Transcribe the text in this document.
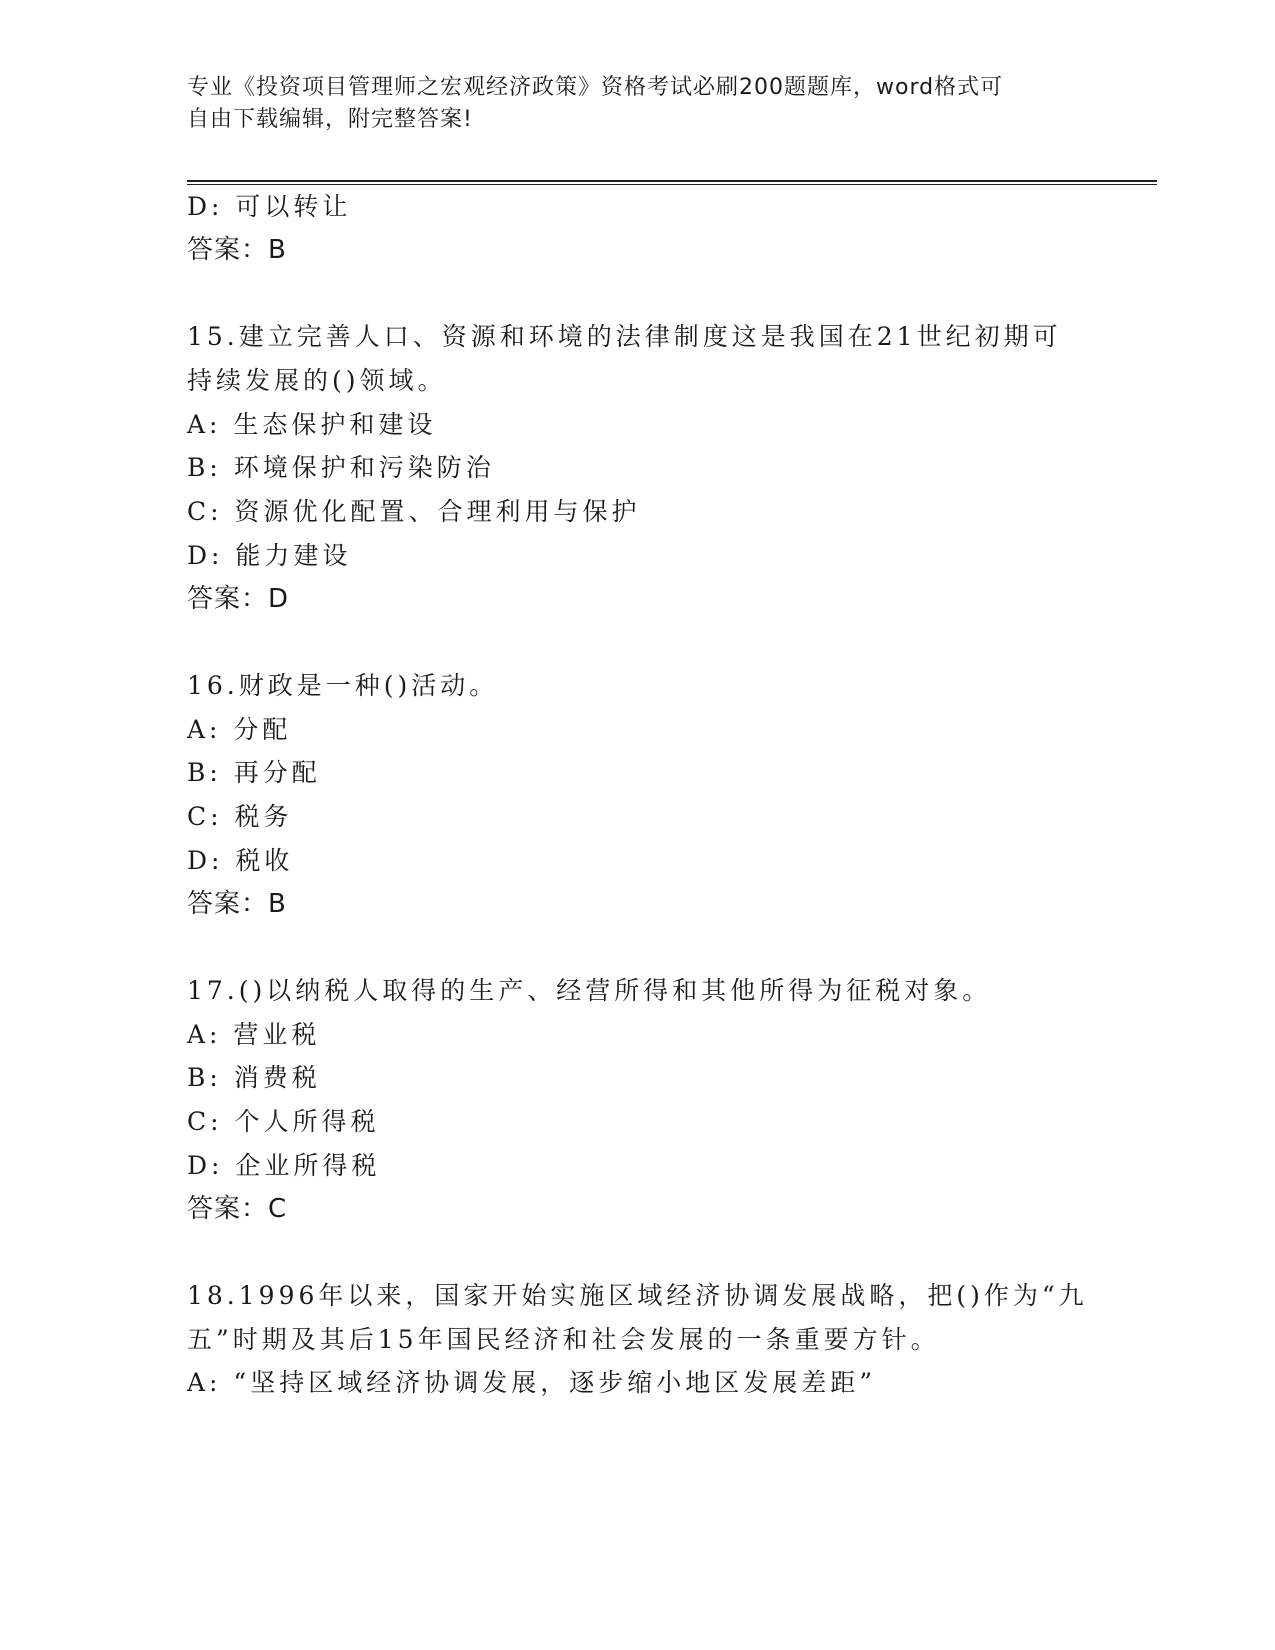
专业《投资项目管理师之宏观经济政策》资格考试必刷200题题库，word格式可
自由下载编辑，附完整答案!
D: 可以转让
答案：B
15.建立完善人口、资源和环境的法律制度这是我国在21世纪初期可
持续发展的()领域。
A: 生态保护和建设
B: 环境保护和污染防治
C: 资源优化配置、合理利用与保护
D: 能力建设
答案：D
16.财政是一种()活动。
A: 分配
B: 再分配
C: 税务
D: 税收
答案：B
17.()以纳税人取得的生产、经营所得和其他所得为征税对象。
A: 营业税
B: 消费税
C: 个人所得税
D: 企业所得税
答案：C
18.1996年以来，国家开始实施区域经济协调发展战略，把()作为“九
五”时期及其后15年国民经济和社会发展的一条重要方针。
A: “坚持区域经济协调发展，逐步缩小地区发展差距”
